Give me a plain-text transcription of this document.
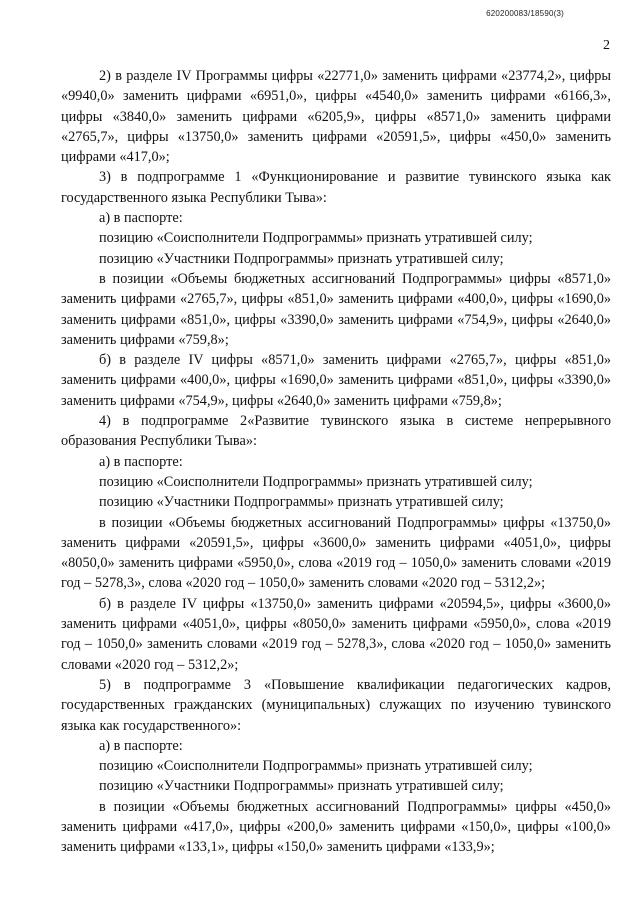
620200083/18590(3)
2

2) в разделе IV Программы цифры «22771,0» заменить цифрами «23774,2», цифры «9940,0» заменить цифрами «6951,0», цифры «4540,0» заменить цифрами «6166,3», цифры «3840,0» заменить цифрами «6205,9», цифры «8571,0» заменить цифрами «2765,7», цифры «13750,0» заменить цифрами «20591,5», цифры «450,0» заменить цифрами «417,0»;

3) в подпрограмме 1 «Функционирование и развитие тувинского языка как государственного языка Республики Тыва»:

а) в паспорте:

позицию «Соисполнители Подпрограммы» признать утратившей силу;

позицию «Участники Подпрограммы» признать утратившей силу;

в позиции «Объемы бюджетных ассигнований Подпрограммы» цифры «8571,0» заменить цифрами «2765,7», цифры «851,0» заменить цифрами «400,0», цифры «1690,0» заменить цифрами «851,0», цифры «3390,0» заменить цифрами «754,9», цифры «2640,0» заменить цифрами «759,8»;

б) в разделе IV цифры «8571,0» заменить цифрами «2765,7», цифры «851,0» заменить цифрами «400,0», цифры «1690,0» заменить цифрами «851,0», цифры «3390,0» заменить цифрами «754,9», цифры «2640,0» заменить цифрами «759,8»;

4) в подпрограмме 2«Развитие тувинского языка в системе непрерывного образования Республики Тыва»:

а) в паспорте:

позицию «Соисполнители Подпрограммы» признать утратившей силу;

позицию «Участники Подпрограммы» признать утратившей силу;

в позиции «Объемы бюджетных ассигнований Подпрограммы» цифры «13750,0» заменить цифрами «20591,5», цифры «3600,0» заменить цифрами «4051,0», цифры «8050,0» заменить цифрами «5950,0», слова «2019 год – 1050,0» заменить словами «2019 год – 5278,3», слова «2020 год – 1050,0» заменить словами «2020 год – 5312,2»;

б) в разделе IV цифры «13750,0» заменить цифрами «20594,5», цифры «3600,0» заменить цифрами «4051,0», цифры «8050,0» заменить цифрами «5950,0», слова «2019 год – 1050,0» заменить словами «2019 год – 5278,3», слова «2020 год – 1050,0» заменить словами «2020 год – 5312,2»;

5) в подпрограмме 3 «Повышение квалификации педагогических кадров, государственных гражданских (муниципальных) служащих по изучению тувинского языка как государственного»:

а) в паспорте:

позицию «Соисполнители Подпрограммы» признать утратившей силу;

позицию «Участники Подпрограммы» признать утратившей силу;

в позиции «Объемы бюджетных ассигнований Подпрограммы» цифры «450,0» заменить цифрами «417,0», цифры «200,0» заменить цифрами «150,0», цифры «100,0» заменить цифрами «133,1», цифры «150,0» заменить цифрами «133,9»;
